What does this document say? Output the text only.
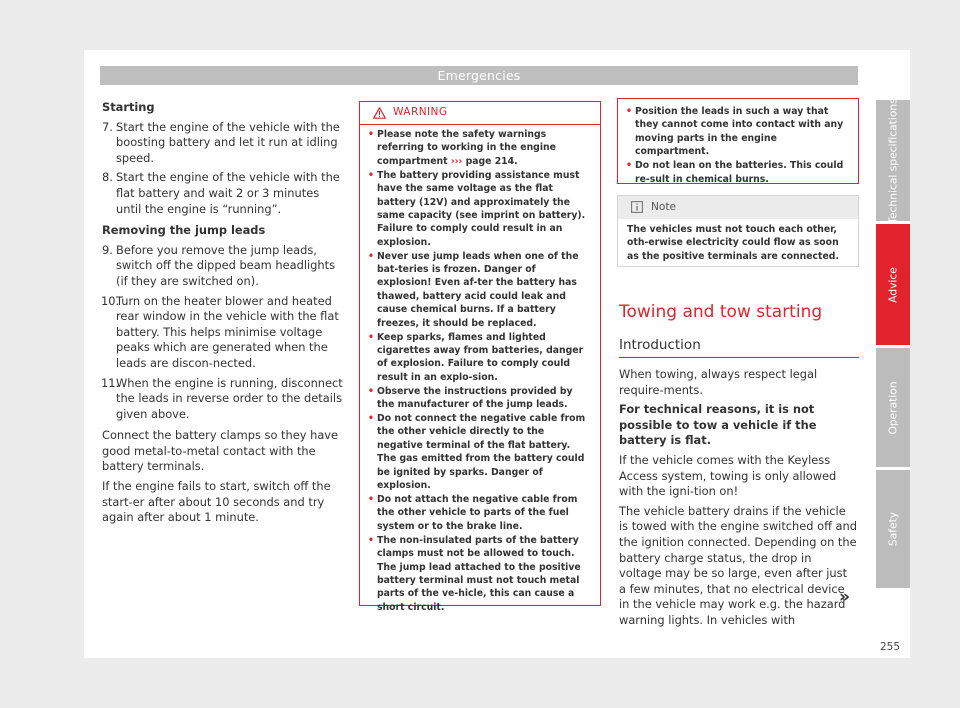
Emergencies
Starting
7. Start the engine of the vehicle with the boosting battery and let it run at idling speed.
8. Start the engine of the vehicle with the flat battery and wait 2 or 3 minutes until the engine is “running”.
Removing the jump leads
9. Before you remove the jump leads, switch off the dipped beam headlights (if they are switched on).
10.
Turn on the heater blower and heated rear window in the vehicle with the flat battery. This helps minimise voltage peaks which are generated when the leads are discon-nected.
11.
When the engine is running, disconnect the leads in reverse order to the details given above.

Connect the battery clamps so they have good metal-to-metal contact with the battery terminals.

If the engine fails to start, switch off the start-er after about 10 seconds and try again after about 1 minute.

WARNING
• Please note the safety warnings referring to working in the engine compartment ››› page 214.
• The battery providing assistance must have the same voltage as the flat battery (12V) and approximately the same capacity (see imprint on battery). Failure to comply could result in an explosion.
• Never use jump leads when one of the bat-teries is frozen. Danger of explosion! Even af-ter the battery has thawed, battery acid could leak and cause chemical burns. If a battery freezes, it should be replaced.
• Keep sparks, flames and lighted cigarettes away from batteries, danger of explosion. Failure to comply could result in an explo-sion.
• Observe the instructions provided by the manufacturer of the jump leads.
• Do not connect the negative cable from the other vehicle directly to the negative terminal of the flat battery. The gas emitted from the battery could be ignited by sparks. Danger of explosion.
• Do not attach the negative cable from the other vehicle to parts of the fuel system or to the brake line.
• The non-insulated parts of the battery clamps must not be allowed to touch. The jump lead attached to the positive battery terminal must not touch metal parts of the ve-hicle, this can cause a short circuit.
• Position the leads in such a way that they cannot come into contact with any moving parts in the engine compartment.
• Do not lean on the batteries. This could re-sult in chemical burns.
Note
The vehicles must not touch each other, oth-erwise electricity could flow as soon as the positive terminals are connected.
Towing and tow starting
Introduction

When towing, always respect legal require-ments.

For technical reasons, it is not possible to tow a vehicle if the battery is flat.

If the vehicle comes with the Keyless Access system, towing is only allowed with the igni-tion on!

The vehicle battery drains if the vehicle is towed with the engine switched off and the ignition connected. Depending on the battery charge status, the drop in voltage may be so large, even after just a few minutes, that no electrical device in the vehicle may work e.g. the hazard warning lights. In vehicles with

»
255
Technical specifications
Advice
Operation
Safety
